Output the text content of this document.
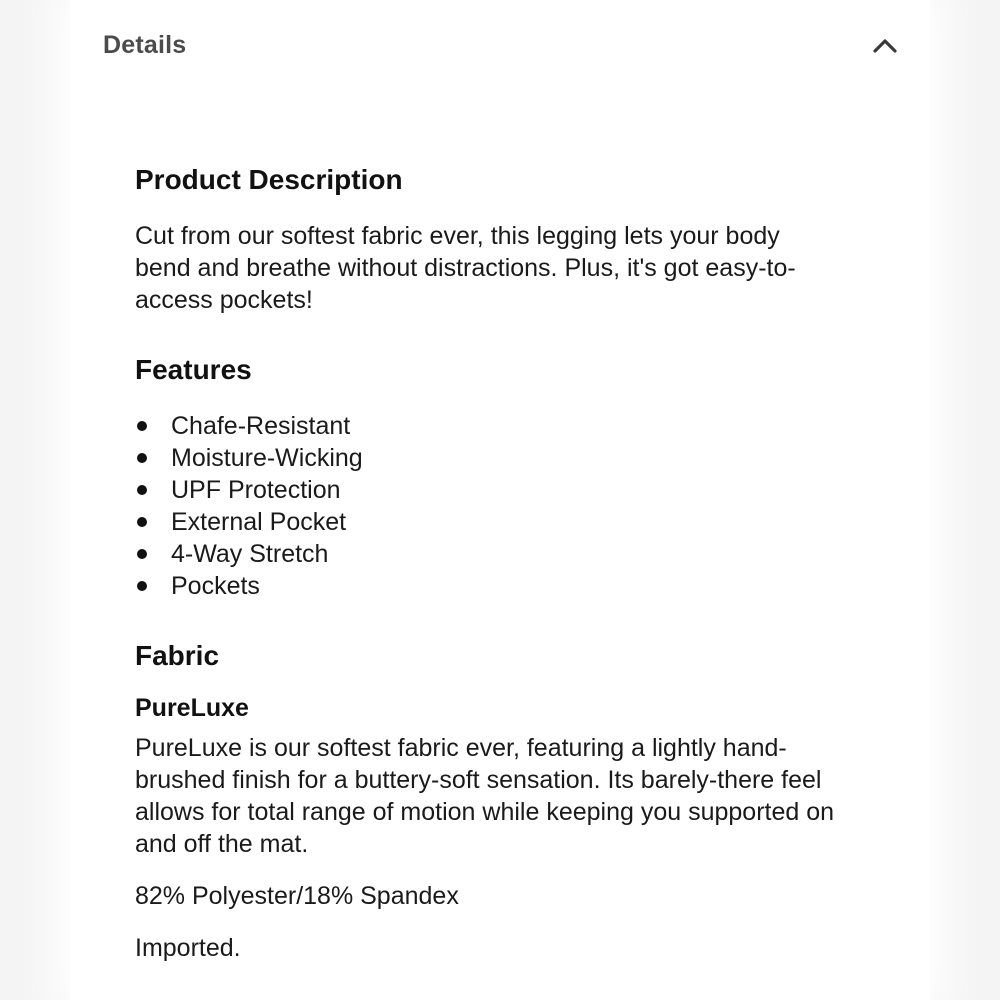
Details
Product Description

Cut from our softest fabric ever, this legging lets your body bend and breathe without distractions. Plus, it's got easy-to-access pockets!

Features
Chafe-Resistant
Moisture-Wicking
UPF Protection
External Pocket
4-Way Stretch
Pockets
Fabric
PureLuxe

PureLuxe is our softest fabric ever, featuring a lightly hand-brushed finish for a buttery-soft sensation. Its barely-there feel allows for total range of motion while keeping you supported on and off the mat.

82% Polyester/18% Spandex

Imported.
